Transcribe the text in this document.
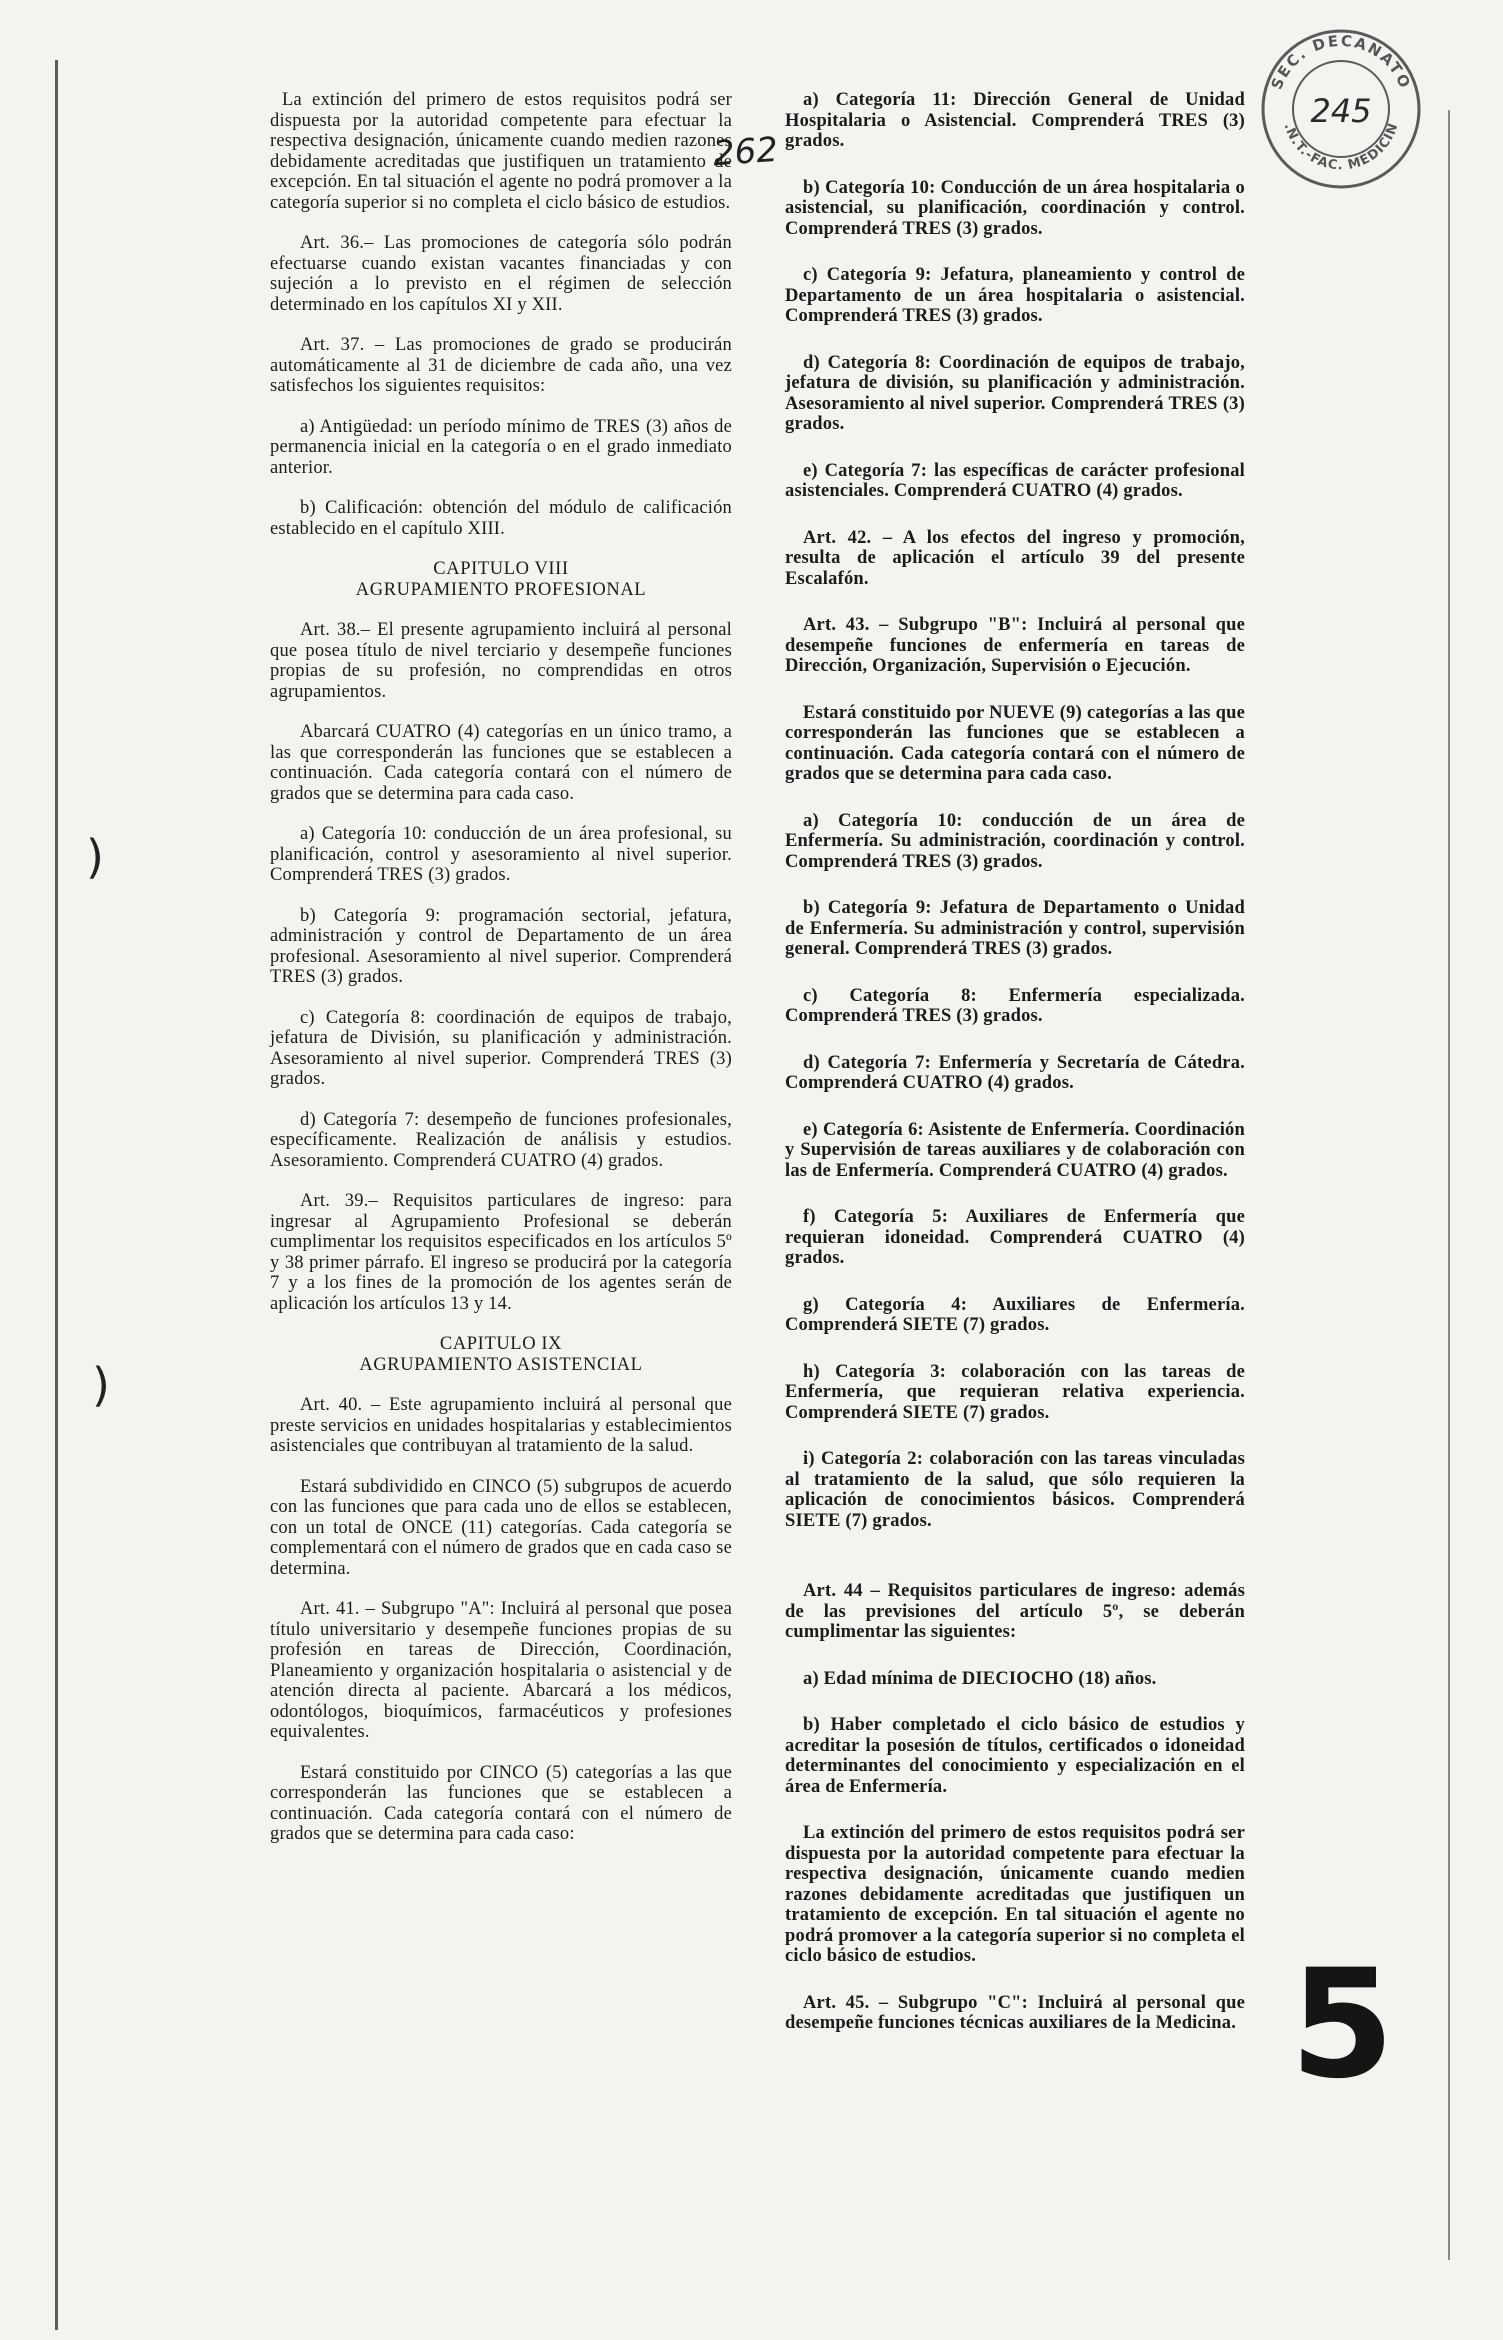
)
)
SEC. DECANATO
.N.T.-FAC. MEDICIN
245
262

La extinción del primero de estos requisitos podrá ser dispuesta por la autoridad competente para efectuar la respectiva designación, únicamente cuando medien razones debidamente acreditadas que justifiquen un tratamiento de excepción. En tal situación el agente no podrá promover a la categoría superior si no completa el ciclo básico de estudios.

Art. 36.– Las promociones de categoría sólo podrán efectuarse cuando existan vacantes financiadas y con sujeción a lo previsto en el régimen de selección determinado en los capítulos XI y XII.

Art. 37. – Las promociones de grado se producirán automáticamente al 31 de diciembre de cada año, una vez satisfechos los siguientes requisitos:

a) Antigüedad: un período mínimo de TRES (3) años de permanencia inicial en la categoría o en el grado inmediato anterior.

b) Calificación: obtención del módulo de calificación establecido en el capítulo XIII.

CAPITULO VIII
AGRUPAMIENTO PROFESIONAL

Art. 38.– El presente agrupamiento incluirá al personal que posea título de nivel terciario y desempeñe funciones propias de su profesión, no comprendidas en otros agrupamientos.

Abarcará CUATRO (4) categorías en un único tramo, a las que corresponderán las funciones que se establecen a continuación. Cada categoría contará con el número de grados que se determina para cada caso.

a) Categoría 10: conducción de un área profesional, su planificación, control y asesoramiento al nivel superior. Comprenderá TRES (3) grados.

b) Categoría 9: programación sectorial, jefatura, administración y control de Departamento de un área profesional. Asesoramiento al nivel superior. Comprenderá TRES (3) grados.

c) Categoría 8: coordinación de equipos de trabajo, jefatura de División, su planificación y administración. Asesoramiento al nivel superior. Comprenderá TRES (3) grados.

d) Categoría 7: desempeño de funciones profesionales, específicamente. Realización de análisis y estudios. Asesoramiento. Comprenderá CUATRO (4) grados.

Art. 39.– Requisitos particulares de ingreso: para ingresar al Agrupamiento Profesional se deberán cumplimentar los requisitos especificados en los artículos 5º y 38 primer párrafo. El ingreso se producirá por la categoría 7 y a los fines de la promoción de los agentes serán de aplicación los artículos 13 y 14.

CAPITULO IX
AGRUPAMIENTO ASISTENCIAL

Art. 40. – Este agrupamiento incluirá al personal que preste servicios en unidades hospitalarias y establecimientos asistenciales que contribuyan al tratamiento de la salud.

Estará subdividido en CINCO (5) subgrupos de acuerdo con las funciones que para cada uno de ellos se establecen, con un total de ONCE (11) categorías. Cada categoría se complementará con el número de grados que en cada caso se determina.

Art. 41. – Subgrupo "A": Incluirá al personal que posea título universitario y desempeñe funciones propias de su profesión en tareas de Dirección, Coordinación, Planeamiento y organización hospitalaria o asistencial y de atención directa al paciente. Abarcará a los médicos, odontólogos, bioquímicos, farmacéuticos y profesiones equivalentes.

Estará constituido por CINCO (5) categorías a las que corresponderán las funciones que se establecen a continuación. Cada categoría contará con el número de grados que se determina para cada caso:

a) Categoría 11: Dirección General de Unidad Hospitalaria o Asistencial. Comprenderá TRES (3) grados.

b) Categoría 10: Conducción de un área hospitalaria o asistencial, su planificación, coordinación y control. Comprenderá TRES (3) grados.

c) Categoría 9: Jefatura, planeamiento y control de Departamento de un área hospitalaria o asistencial. Comprenderá TRES (3) grados.

d) Categoría 8: Coordinación de equipos de trabajo, jefatura de división, su planificación y administración. Asesoramiento al nivel superior. Comprenderá TRES (3) grados.

e) Categoría 7: las específicas de carácter profesional asistenciales. Comprenderá CUATRO (4) grados.

Art. 42. – A los efectos del ingreso y promoción, resulta de aplicación el artículo 39 del presente Escalafón.

Art. 43. – Subgrupo "B": Incluirá al personal que desempeñe funciones de enfermería en tareas de Dirección, Organización, Supervisión o Ejecución.

Estará constituido por NUEVE (9) categorías a las que corresponderán las funciones que se establecen a continuación. Cada categoría contará con el número de grados que se determina para cada caso.

a) Categoría 10: conducción de un área de Enfermería. Su administración, coordinación y control. Comprenderá TRES (3) grados.

b) Categoría 9: Jefatura de Departamento o Unidad de Enfermería. Su administración y control, supervisión general. Comprenderá TRES (3) grados.

c) Categoría 8: Enfermería especializada. Comprenderá TRES (3) grados.

d) Categoría 7: Enfermería y Secretaría de Cátedra. Comprenderá CUATRO (4) grados.

e) Categoría 6: Asistente de Enfermería. Coordinación y Supervisión de tareas auxiliares y de colaboración con las de Enfermería. Comprenderá CUATRO (4) grados.

f) Categoría 5: Auxiliares de Enfermería que requieran idoneidad. Comprenderá CUATRO (4) grados.

g) Categoría 4: Auxiliares de Enfermería. Comprenderá SIETE (7) grados.

h) Categoría 3: colaboración con las tareas de Enfermería, que requieran relativa experiencia. Comprenderá SIETE (7) grados.

i) Categoría 2: colaboración con las tareas vinculadas al tratamiento de la salud, que sólo requieren la aplicación de conocimientos básicos. Comprenderá SIETE (7) grados.

Art. 44 – Requisitos particulares de ingreso: además de las previsiones del artículo 5º, se deberán cumplimentar las siguientes:

a) Edad mínima de DIECIOCHO (18) años.

b) Haber completado el ciclo básico de estudios y acreditar la posesión de títulos, certificados o idoneidad determinantes del conocimiento y especialización en el área de Enfermería.

La extinción del primero de estos requisitos podrá ser dispuesta por la autoridad competente para efectuar la respectiva designación, únicamente cuando medien razones debidamente acreditadas que justifiquen un tratamiento de excepción. En tal situación el agente no podrá promover a la categoría superior si no completa el ciclo básico de estudios.

Art. 45. – Subgrupo "C": Incluirá al personal que desempeñe funciones técnicas auxiliares de la Medicina. 5
